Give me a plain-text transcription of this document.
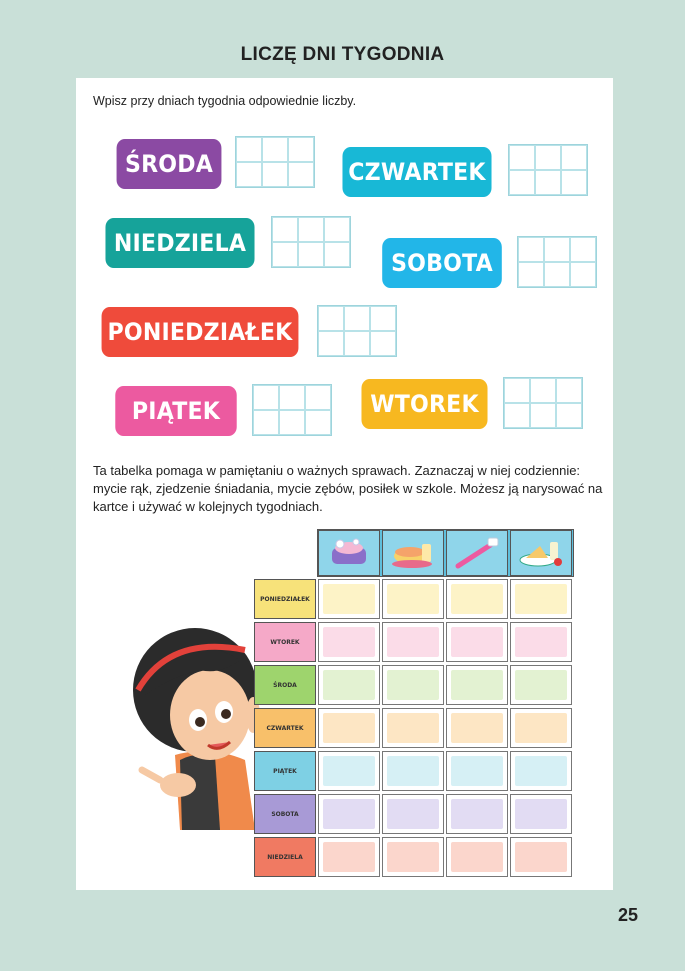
LICZĘ DNI TYGODNIA
Wpisz przy dniach tygodnia odpowiednie liczby.
ŚRODA	CZWARTEK
NIEDZIELA
SOBOTA
PONIEDZIAŁEK
PIĄTEK	WTOREK
Ta tabelka pomaga w pamiętaniu o ważnych sprawach. Zaznaczaj w niej codziennie: mycie rąk, zjedzenie śniadania, mycie zębów, posiłek w szkole. Możesz ją narysować na kartce i używać w kolejnych tygodniach.
PONIEDZIAŁEK
WTOREK
ŚRODA
CZWARTEK
PIĄTEK
SOBOTA
NIEDZIELA
25
